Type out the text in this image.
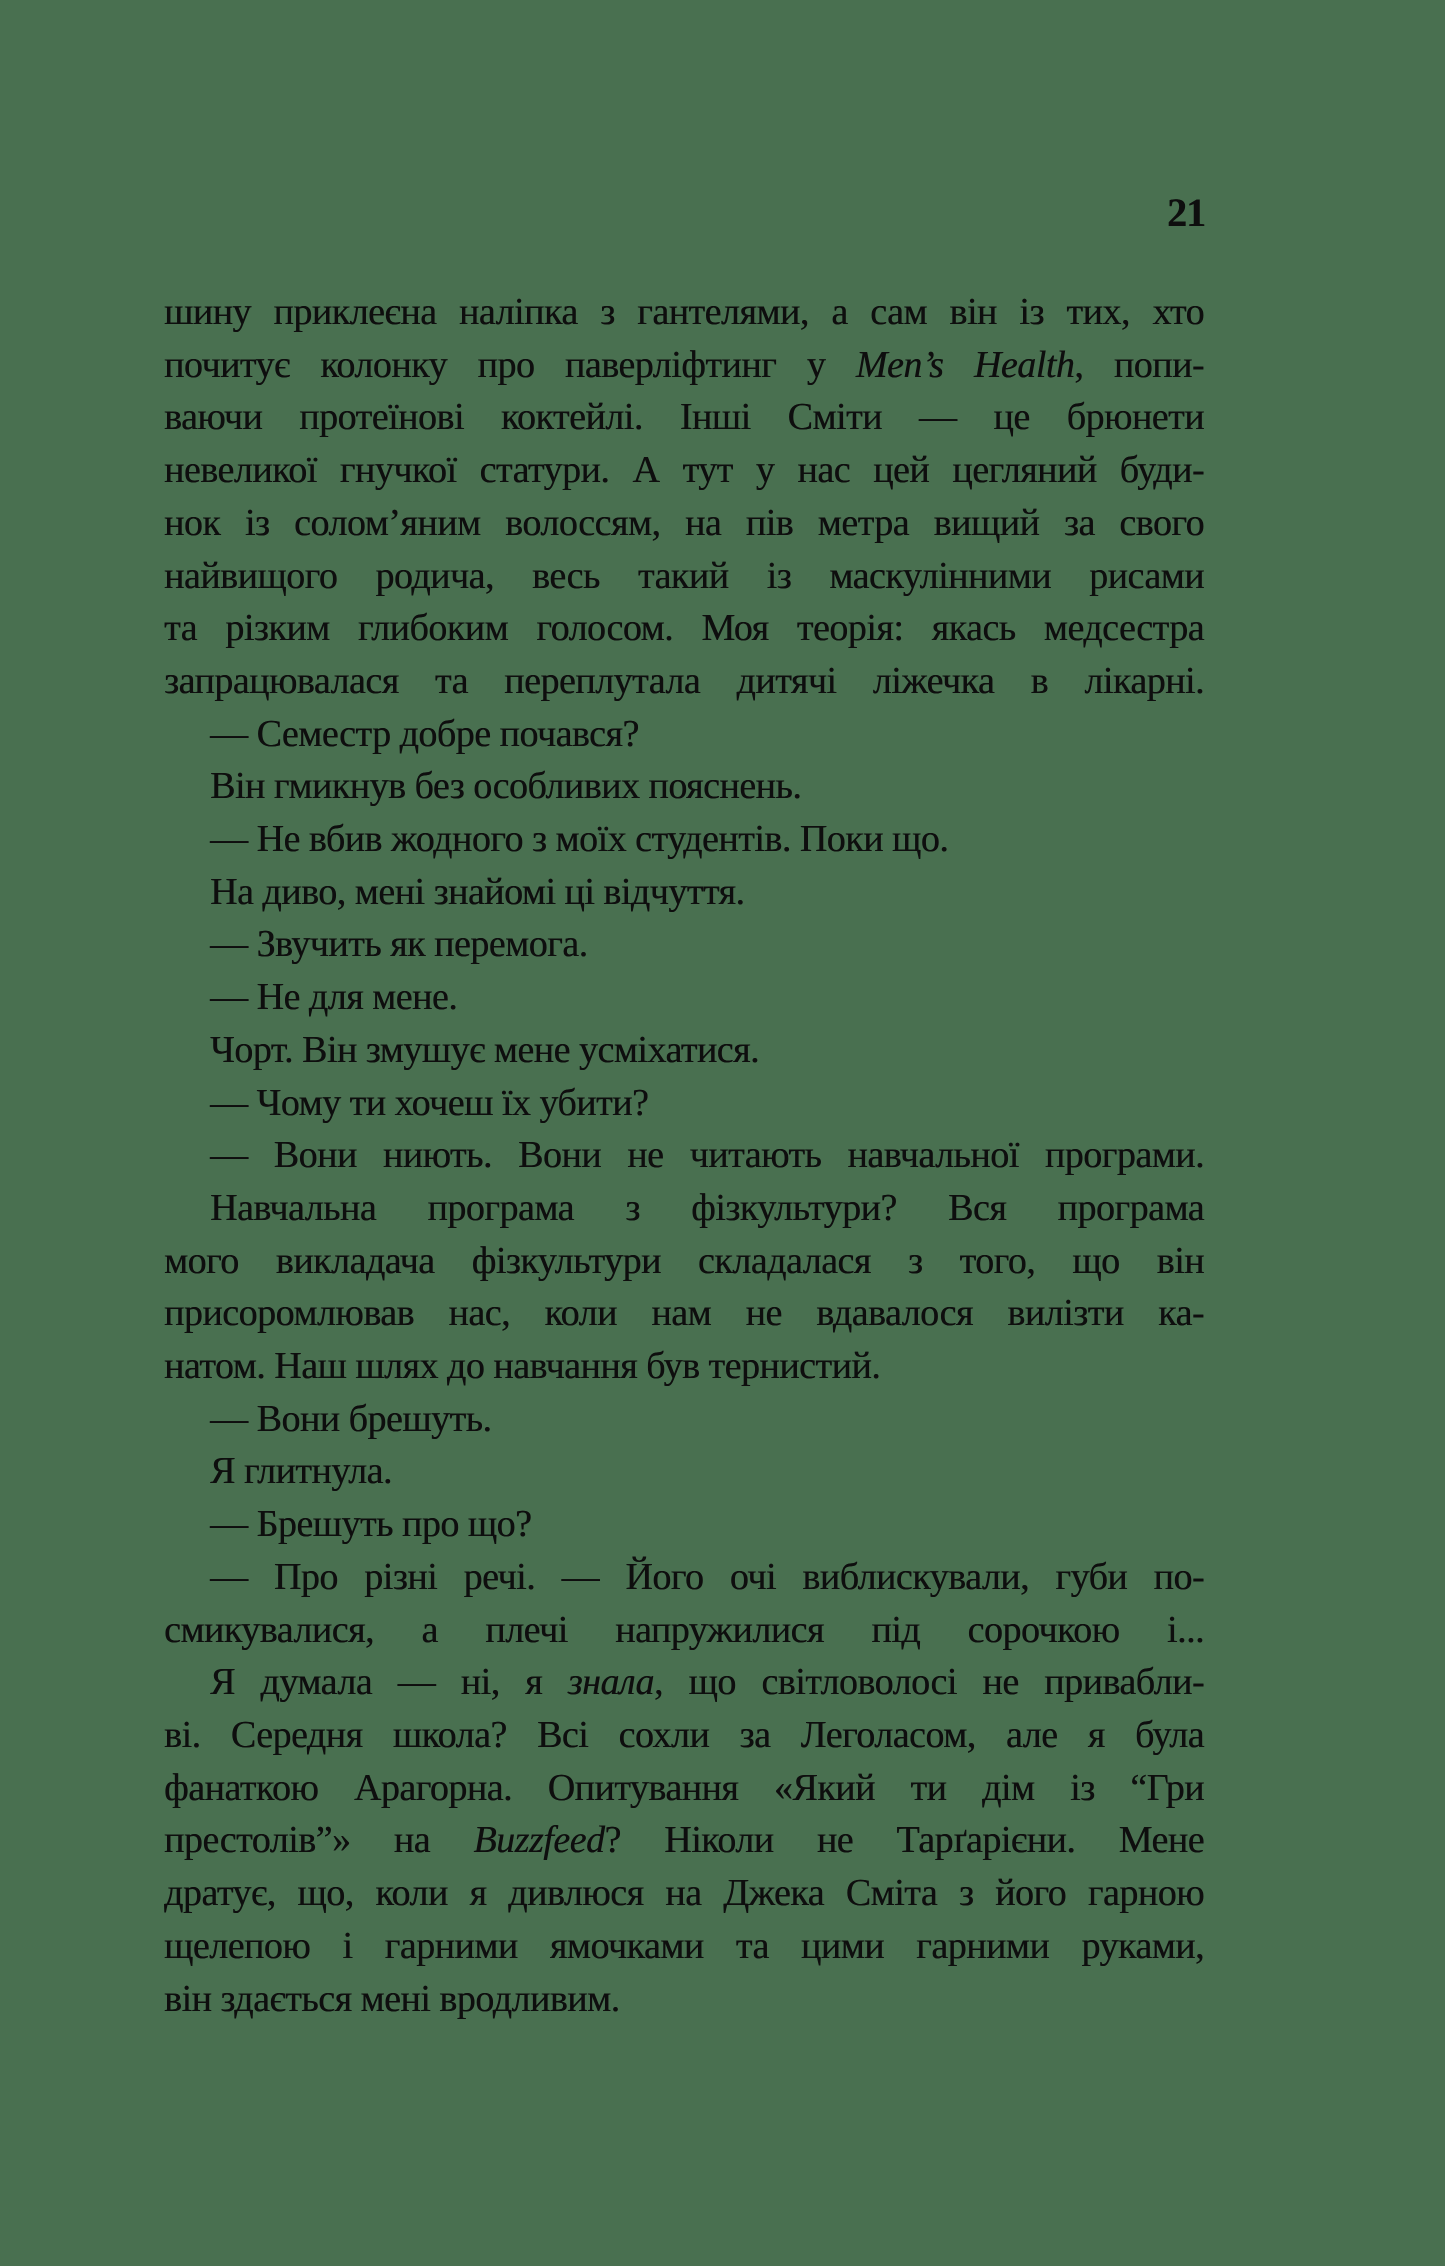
21
шину приклеєна наліпка з гантелями, а сам він із тих, хто
почитує колонку про паверліфтинг у Men’s Health, попи-
ваючи протеїнові коктейлі. Інші Сміти — це брюнети
невеликої гнучкої статури. А тут у нас цей цегляний буди-
нок із солом’яним волоссям, на пів метра вищий за свого
найвищого родича, весь такий із маскулінними рисами
та різким глибоким голосом. Моя теорія: якась медсестра
запрацювалася та переплутала дитячі ліжечка в лікарні.
— Семестр добре почався?
Він гмикнув без особливих пояснень.
— Не вбив жодного з моїх студентів. Поки що.
На диво, мені знайомі ці відчуття.
— Звучить як перемога.
— Не для мене.
Чорт. Він змушує мене усміхатися.
— Чому ти хочеш їх убити?
— Вони ниють. Вони не читають навчальної програми.
Навчальна програма з фізкультури? Вся програма
мого викладача фізкультури складалася з того, що він
присоромлював нас, коли нам не вдавалося вилізти ка-
натом. Наш шлях до навчання був тернистий.
— Вони брешуть.
Я глитнула.
— Брешуть про що?
— Про різні речі. — Його очі виблискували, губи по-
смикувалися, а плечі напружилися під сорочкою і...
Я думала — ні, я знала, що світловолосі не привабли-
ві. Середня школа? Всі сохли за Леголасом, але я була
фанаткою Арагорна. Опитування «Який ти дім із “Гри
престолів”» на Buzzfeed? Ніколи не Тарґарієни. Мене
дратує, що, коли я дивлюся на Джека Сміта з його гарною
щелепою і гарними ямочками та цими гарними руками,
він здається мені вродливим.
